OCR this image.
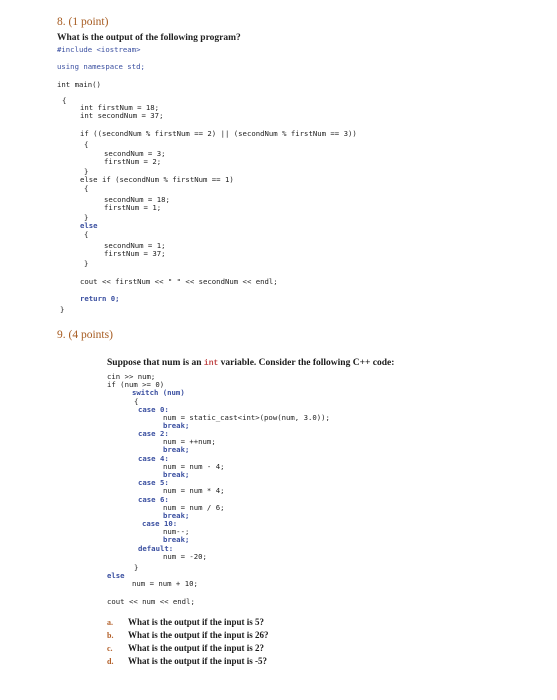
8. (1 point)
What is the output of the following program?
#include <iostream>
using namespace std;
int main()
{
int firstNum = 18;
int secondNum = 37;
if ((secondNum % firstNum == 2) || (secondNum % firstNum == 3))
{
secondNum = 3;
firstNum = 2;
}
else if (secondNum % firstNum == 1)
{
secondNum = 18;
firstNum = 1;
}
else
{
secondNum = 1;
firstNum = 37;
}
cout << firstNum << " " << secondNum << endl;
return 0;
}
9. (4 points)
Suppose that num is an int variable. Consider the following C++ code:
cin >> num;
if (num >= 0)
switch (num)
{
case 0:
num = static_cast<int>(pow(num, 3.0));
break;
case 2:
num = ++num;
break;
case 4:
num = num - 4;
break;
case 5:
num = num * 4;
case 6:
num = num / 6;
break;
case 10:
num--;
break;
default:
num = -20;
}
else
num = num + 10;
cout << num << endl;
a. What is the output if the input is 5?
b. What is the output if the input is 26?
c. What is the output if the input is 2?
d. What is the output if the input is -5?
